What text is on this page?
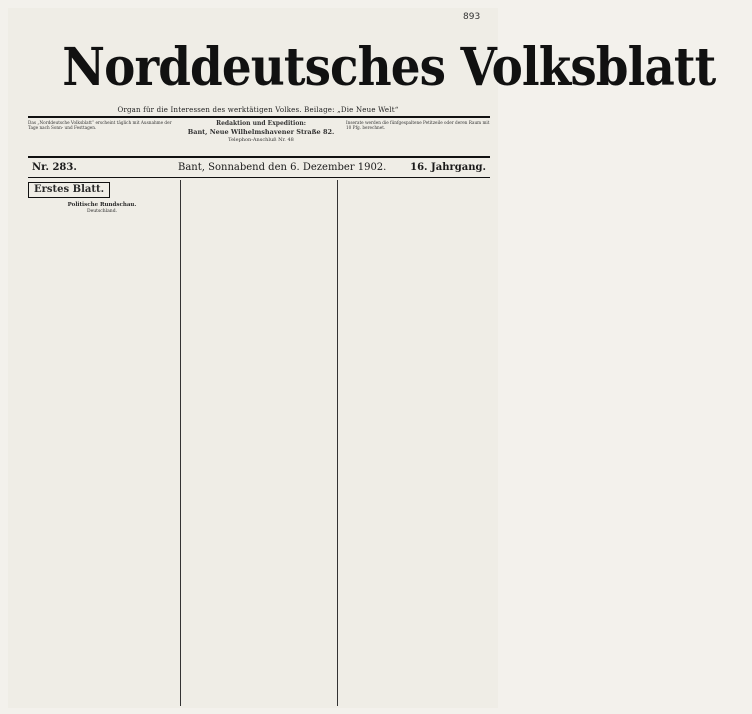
893
Norddeutsches Volksblatt
Organ für die Interessen des werktätigen Volkes. Beilage: „Die Neue Welt“
Das „Norddeutsche Volksblatt“ erscheint täglich mit Ausnahme der Tage nach Sonn- und Festtagen.
Redaktion und Expedition:
Bant, Neue Wilhelmshavener Straße 82.
Telephon-Anschluß Nr. 48
Inserate werden die fünfgespaltene Petitzeile oder deren Raum mit 10 Pfg. berechnet.
Nr. 283.	Bant, Sonnabend den 6. Dezember 1902. 16. Jahrgang.
Erstes Blatt.
Politische Rundschau.
Deutschland.
